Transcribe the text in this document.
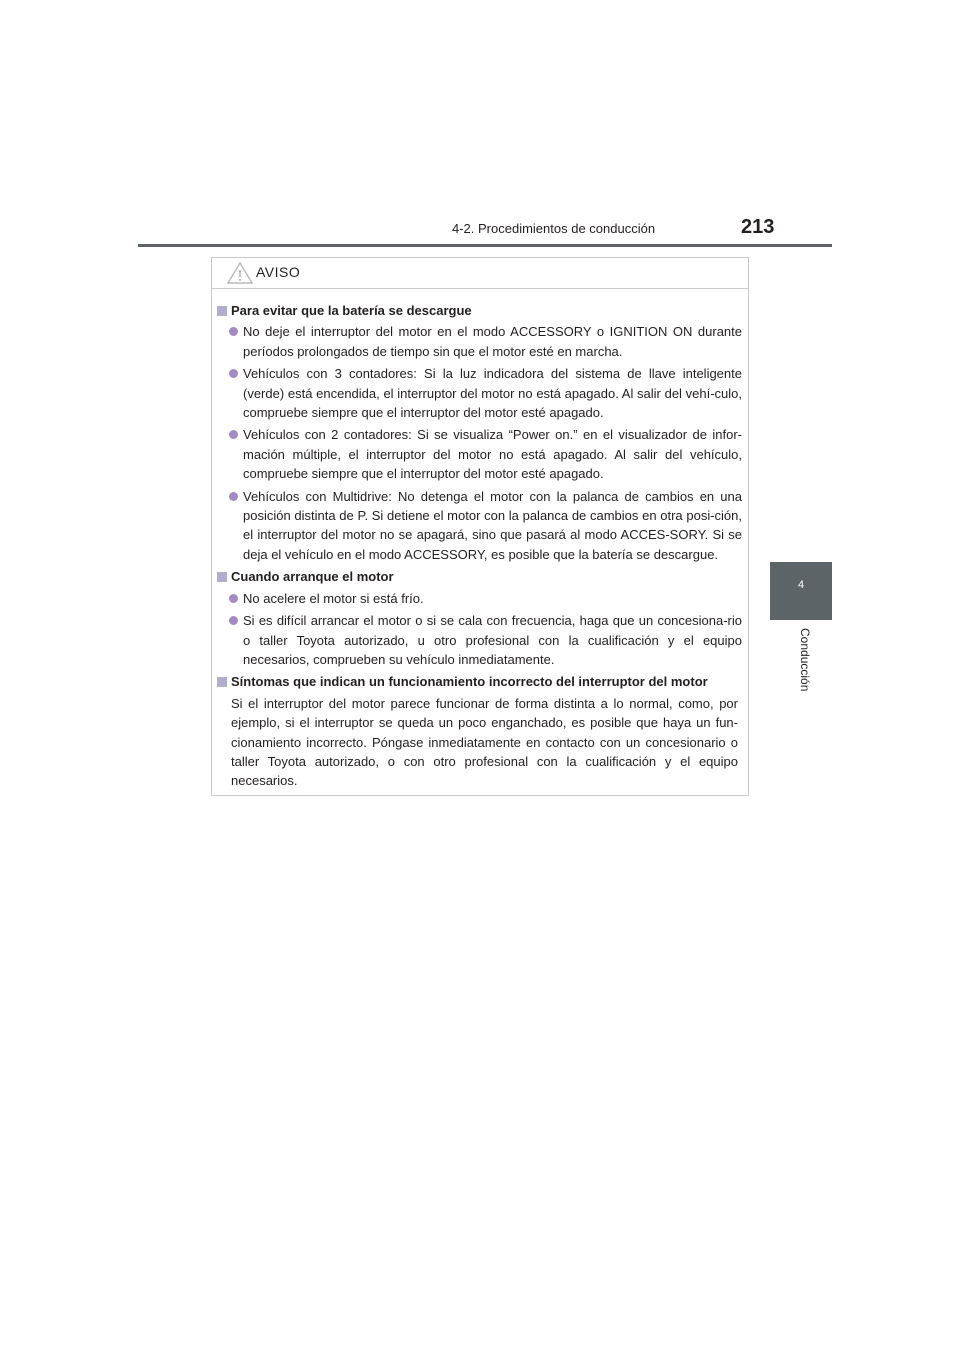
4-2. Procedimientos de conducción	213
4
Conducción
AVISO
Para evitar que la batería se descargue
No deje el interruptor del motor en el modo ACCESSORY o IGNITION ON durante períodos prolongados de tiempo sin que el motor esté en marcha.
Vehículos con 3 contadores: Si la luz indicadora del sistema de llave inteligente (verde) está encendida, el interruptor del motor no está apagado. Al salir del vehí-culo, compruebe siempre que el interruptor del motor esté apagado.
Vehículos con 2 contadores: Si se visualiza “Power on.” en el visualizador de infor-mación múltiple, el interruptor del motor no está apagado. Al salir del vehículo, compruebe siempre que el interruptor del motor esté apagado.
Vehículos con Multidrive: No detenga el motor con la palanca de cambios en una posición distinta de P. Si detiene el motor con la palanca de cambios en otra posi-ción, el interruptor del motor no se apagará, sino que pasará al modo ACCES-SORY. Si se deja el vehículo en el modo ACCESSORY, es posible que la batería se descargue.
Cuando arranque el motor
No acelere el motor si está frío.
Si es difícil arrancar el motor o si se cala con frecuencia, haga que un concesiona-rio o taller Toyota autorizado, u otro profesional con la cualificación y el equipo necesarios, comprueben su vehículo inmediatamente.
Síntomas que indican un funcionamiento incorrecto del interruptor del motor
Si el interruptor del motor parece funcionar de forma distinta a lo normal, como, por ejemplo, si el interruptor se queda un poco enganchado, es posible que haya un fun-cionamiento incorrecto. Póngase inmediatamente en contacto con un concesionario o taller Toyota autorizado, o con otro profesional con la cualificación y el equipo necesarios.
